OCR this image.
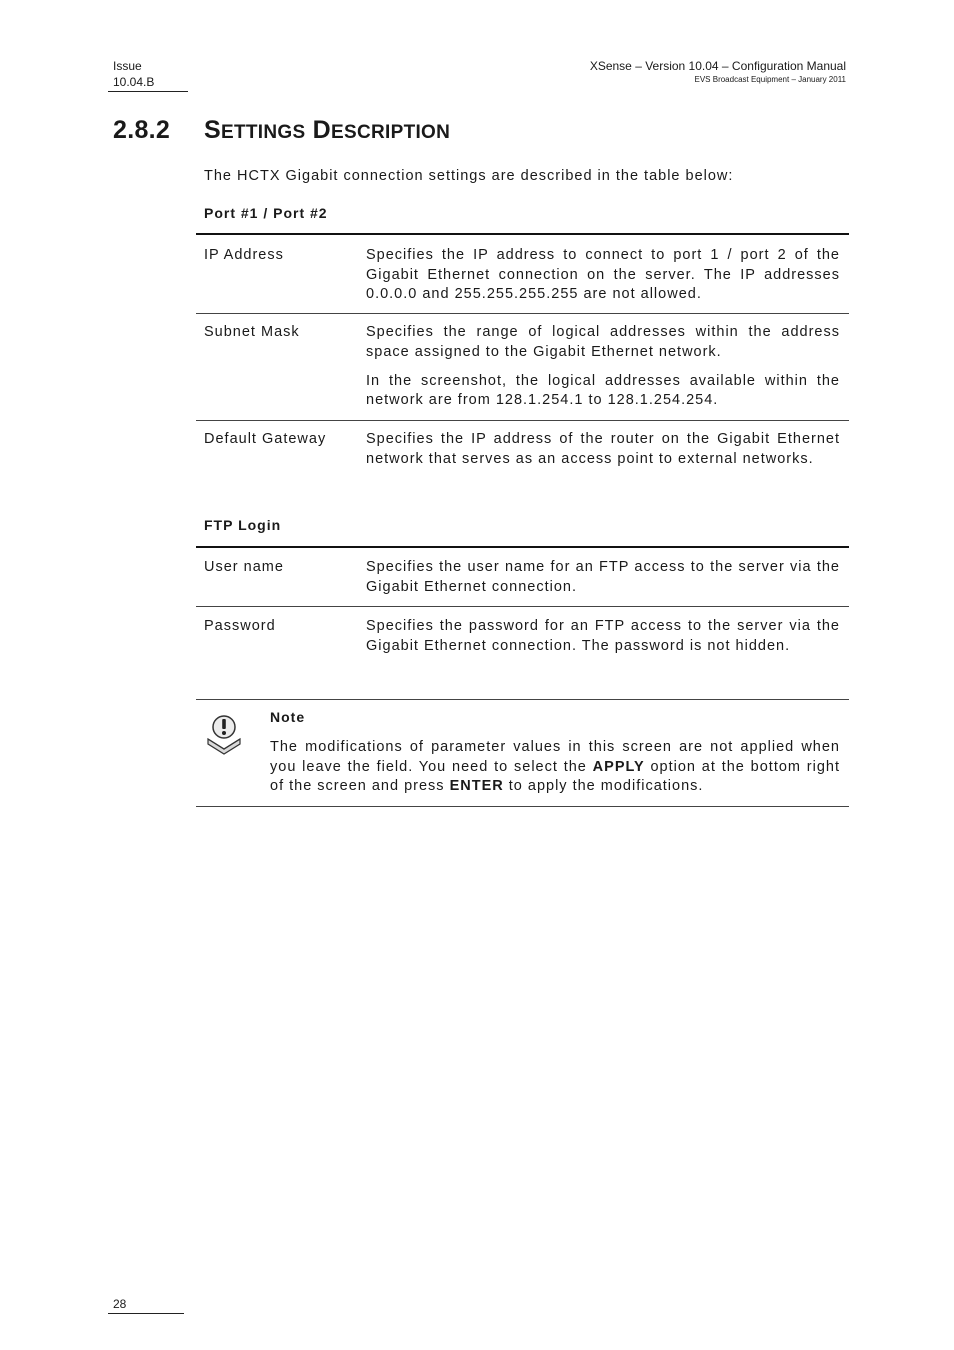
Issue
10.04.B
XSense – Version 10.04 – Configuration Manual
EVS Broadcast Equipment – January 2011
2.8.2 SETTINGS DESCRIPTION
The HCTX Gigabit connection settings are described in the table below:
Port #1 / Port #2
IP Address	Specifies the IP address to connect to port 1 / port 2 of the Gigabit Ethernet connection on the server. The IP addresses 0.0.0.0 and 255.255.255.255 are not allowed.

Subnet Mask	Specifies the range of logical addresses within the address space assigned to the Gigabit Ethernet network.

In the screenshot, the logical addresses available within the network are from 128.1.254.1 to 128.1.254.254.

Default Gateway	Specifies the IP address of the router on the Gigabit Ethernet network that serves as an access point to external networks.

FTP Login
User name	Specifies the user name for an FTP access to the server via the Gigabit Ethernet connection.

Password	Specifies the password for an FTP access to the server via the Gigabit Ethernet connection. The password is not hidden.

Note
The modifications of parameter values in this screen are not applied when you leave the field. You need to select the APPLY option at the bottom right of the screen and press ENTER to apply the modifications.
28
